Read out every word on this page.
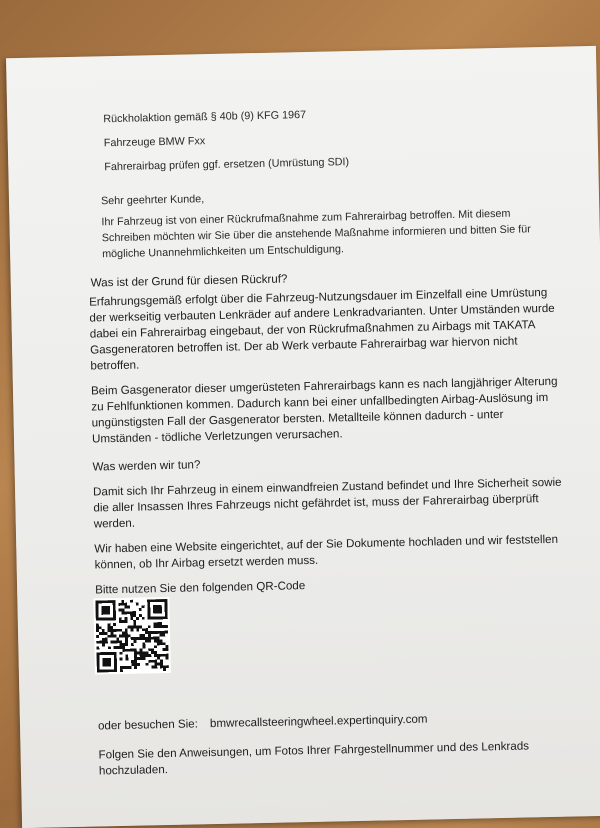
Rückholaktion gemäß § 40b (9) KFG 1967

Fahrzeuge BMW Fxx

Fahrerairbag prüfen ggf. ersetzen (Umrüstung SDI)

Sehr geehrter Kunde,

Ihr Fahrzeug ist von einer Rückrufmaßnahme zum Fahrerairbag betroffen. Mit diesem

Schreiben möchten wir Sie über die anstehende Maßnahme informieren und bitten Sie für

mögliche Unannehmlichkeiten um Entschuldigung.

Was ist der Grund für diesen Rückruf?

Erfahrungsgemäß erfolgt über die Fahrzeug-Nutzungsdauer im Einzelfall eine Umrüstung

der werkseitig verbauten Lenkräder auf andere Lenkradvarianten. Unter Umständen wurde

dabei ein Fahrerairbag eingebaut, der von Rückrufmaßnahmen zu Airbags mit TAKATA

Gasgeneratoren betroffen ist. Der ab Werk verbaute Fahrerairbag war hiervon nicht

betroffen.

Beim Gasgenerator dieser umgerüsteten Fahrerairbags kann es nach langjähriger Alterung

zu Fehlfunktionen kommen. Dadurch kann bei einer unfallbedingten Airbag-Auslösung im

ungünstigsten Fall der Gasgenerator bersten. Metallteile können dadurch - unter

Umständen - tödliche Verletzungen verursachen.

Was werden wir tun?

Damit sich Ihr Fahrzeug in einem einwandfreien Zustand befindet und Ihre Sicherheit sowie

die aller Insassen Ihres Fahrzeugs nicht gefährdet ist, muss der Fahrerairbag überprüft

werden.

Wir haben eine Website eingerichtet, auf der Sie Dokumente hochladen und wir feststellen

können, ob Ihr Airbag ersetzt werden muss.

Bitte nutzen Sie den folgenden QR-Code

oder besuchen Sie: bmwrecallsteeringwheel.expertinquiry.com

Folgen Sie den Anweisungen, um Fotos Ihrer Fahrgestellnummer und des Lenkrads

hochzuladen.
